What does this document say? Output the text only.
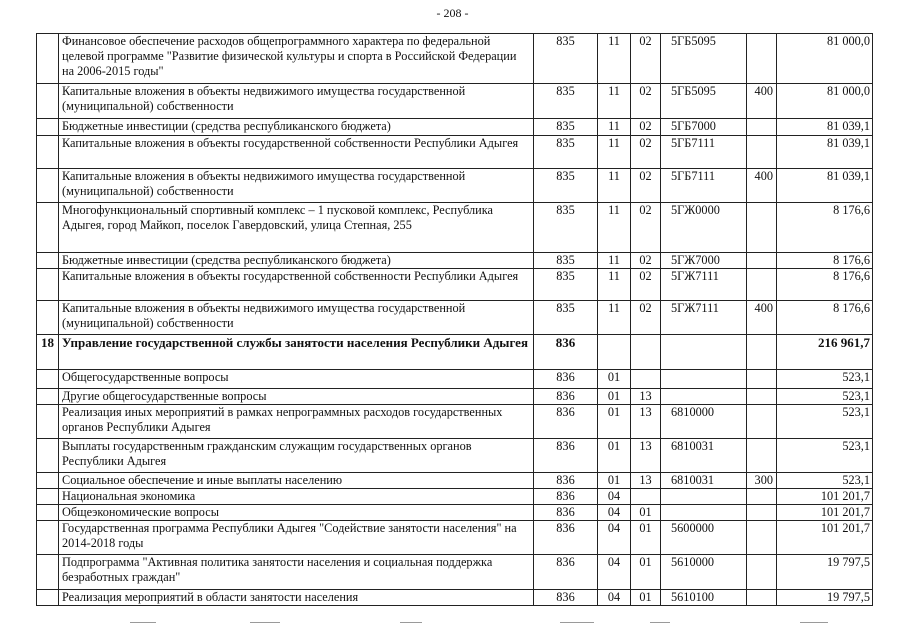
- 208 -
	Финансовое обеспечение расходов общепрограммного характера по федеральной целевой программе "Развитие физической культуры и спорта в Российской Федерации на 2006-2015 годы"	835	11	02	5ГБ5095		81 000,0
	Капитальные вложения в объекты недвижимого имущества государственной (муниципальной) собственности	835	11	02	5ГБ5095	400	81 000,0
	Бюджетные инвестиции (средства республиканского бюджета)	835	11	02	5ГБ7000		81 039,1
	Капитальные вложения в объекты государственной собственности Республики Адыгея	835	11	02	5ГБ7111		81 039,1
	Капитальные вложения в объекты недвижимого имущества государственной (муниципальной) собственности	835	11	02	5ГБ7111	400	81 039,1
	Многофункциональный спортивный комплекс – 1 пусковой комплекс, Республика Адыгея, город Майкоп, поселок Гавердовский, улица Степная, 255	835	11	02	5ГЖ0000		8 176,6
	Бюджетные инвестиции (средства республиканского бюджета)	835	11	02	5ГЖ7000		8 176,6
	Капитальные вложения в объекты государственной собственности Республики Адыгея	835	11	02	5ГЖ7111		8 176,6
	Капитальные вложения в объекты недвижимого имущества государственной (муниципальной) собственности	835	11	02	5ГЖ7111	400	8 176,6
18	Управление государственной службы занятости населения Республики Адыгея	836					216 961,7
	Общегосударственные вопросы	836	01				523,1
	Другие общегосударственные вопросы	836	01	13			523,1
	Реализация иных мероприятий в рамках непрограммных расходов государственных органов Республики Адыгея	836	01	13	6810000		523,1
	Выплаты государственным гражданским служащим государственных органов Республики Адыгея	836	01	13	6810031		523,1
	Социальное обеспечение и иные выплаты населению	836	01	13	6810031	300	523,1
	Национальная экономика	836	04				101 201,7
	Общеэкономические вопросы	836	04	01			101 201,7
	Государственная программа Республики Адыгея "Содействие занятости населения" на 2014-2018 годы	836	04	01	5600000		101 201,7
	Подпрограмма "Активная политика занятости населения и социальная поддержка безработных граждан"	836	04	01	5610000		19 797,5
	Реализация мероприятий в области занятости населения	836	04	01	5610100		19 797,5
